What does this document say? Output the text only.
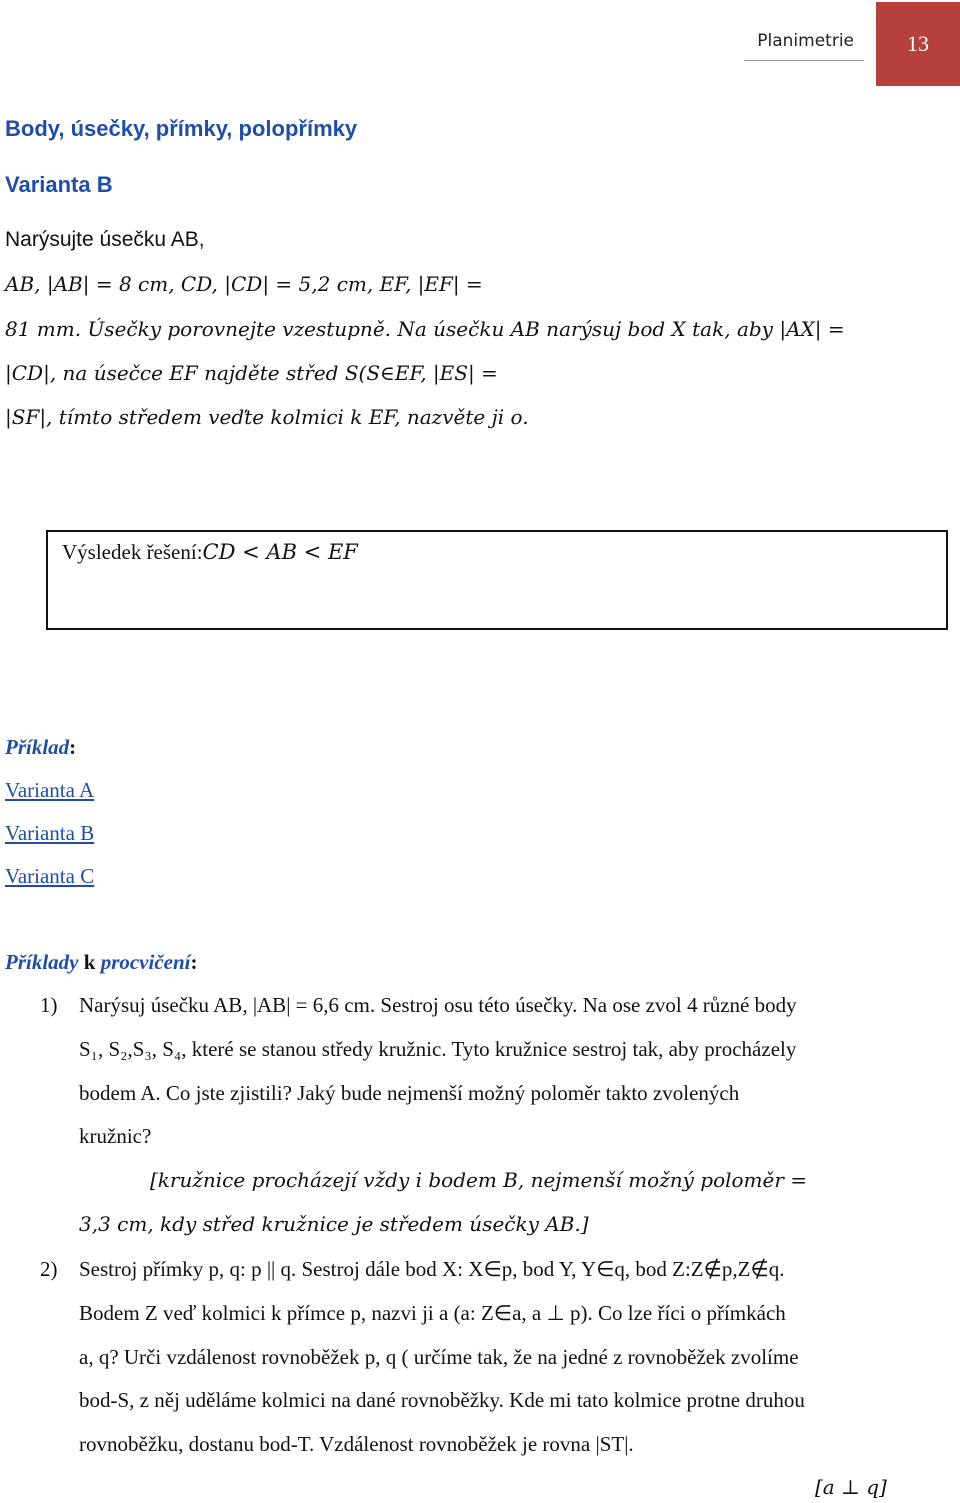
Planimetrie	13
Body, úsečky, přímky, polopřímky
Varianta B
Narýsujte úsečku AB,
AB, |AB| = 8 cm, CD, |CD| = 5,2 cm, EF, |EF| =
81 mm. Úsečky porovnejte vzestupně. Na úsečku AB narýsuj bod X tak, aby |AX| =
|CD|, na úsečce EF najděte střed S(S∈EF, |ES| =
|SF|, tímto středem veďte kolmici k EF, nazvěte ji o.
Výsledek řešení:CD < AB < EF
Příklad:
Varianta A
Varianta B
Varianta C
Příklady k procvičení:
1) Narýsuj úsečku AB, |AB| = 6,6 cm. Sestroj osu této úsečky. Na ose zvol 4 různé body
S₁, S₂,S₃, S₄, které se stanou středy kružnic. Tyto kružnice sestroj tak, aby procházely
bodem A. Co jste zjistili? Jaký bude nejmenší možný poloměr takto zvolených
kružnic?
[kružnice procházejí vždy i bodem B, nejmenší možný poloměr =
3,3 cm, kdy střed kružnice je středem úsečky AB.]
2) Sestroj přímky p, q: p || q. Sestroj dále bod X: X∈p, bod Y, Y∈q, bod Z:Z∉p,Z∉q.
Bodem Z veď kolmici k přímce p, nazvi ji a (a: Z∈a, a ⊥ p). Co lze říci o přímkách
a, q? Urči vzdálenost rovnoběžek p, q ( určíme tak, že na jedné z rovnoběžek zvolíme
bod-S, z něj uděláme kolmici na dané rovnoběžky. Kde mi tato kolmice protne druhou
rovnoběžku, dostanu bod-T. Vzdálenost rovnoběžek je rovna |ST|.
[a ⊥ q]
